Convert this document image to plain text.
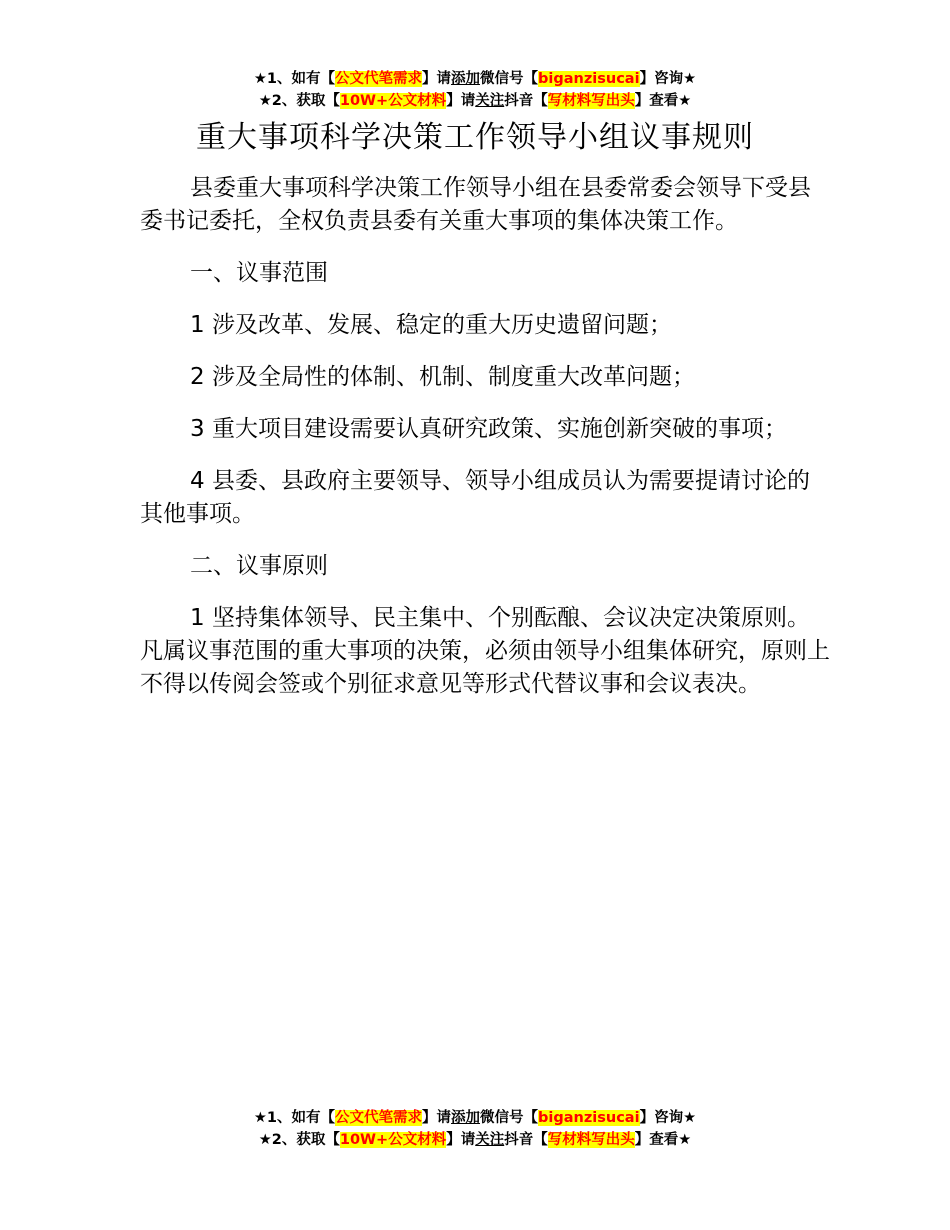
★1、如有【公文代笔需求】请添加微信号【biganzisucai】咨询★
★2、获取【10W+公文材料】请关注抖音【写材料写出头】查看★
重大事项科学决策工作领导小组议事规则

县委重大事项科学决策工作领导小组在县委常委会领导下受县委书记委托，全权负责县委有关重大事项的集体决策工作。

一、议事范围

1 涉及改革、发展、稳定的重大历史遗留问题；

2 涉及全局性的体制、机制、制度重大改革问题；

3 重大项目建设需要认真研究政策、实施创新突破的事项；

4 县委、县政府主要领导、领导小组成员认为需要提请讨论的其他事项。

二、议事原则

1 坚持集体领导、民主集中、个别酝酿、会议决定决策原则。凡属议事范围的重大事项的决策，必须由领导小组集体研究，原则上不得以传阅会签或个别征求意见等形式代替议事和会议表决。

★1、如有【公文代笔需求】请添加微信号【biganzisucai】咨询★
★2、获取【10W+公文材料】请关注抖音【写材料写出头】查看★
